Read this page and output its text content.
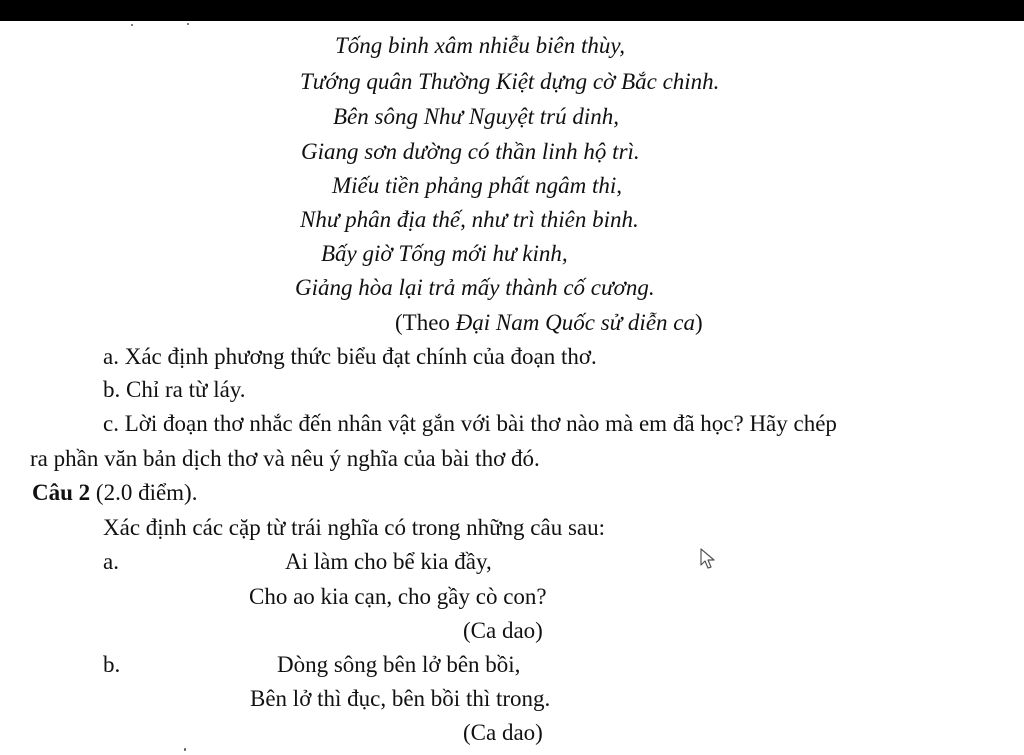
Tống binh xâm nhiễu biên thùy,
Tướng quân Thường Kiệt dựng cờ Bắc chinh.
Bên sông Như Nguyệt trú dinh,
Giang sơn dường có thần linh hộ trì.
Miếu tiền phảng phất ngâm thi,
Như phân địa thế, như trì thiên binh.
Bấy giờ Tống mới hư kinh,
Giảng hòa lại trả mấy thành cố cương.
(Theo Đại Nam Quốc sử diễn ca)
a. Xác định phương thức biểu đạt chính của đoạn thơ.
b. Chỉ ra từ láy.
c. Lời đoạn thơ nhắc đến nhân vật gắn với bài thơ nào mà em đã học? Hãy chép
ra phần văn bản dịch thơ và nêu ý nghĩa của bài thơ đó.
Câu 2 (2.0 điểm).
Xác định các cặp từ trái nghĩa có trong những câu sau:
a.	Ai làm cho bể kia đầy,
Cho ao kia cạn, cho gầy cò con?
(Ca dao)
b.	Dòng sông bên lở bên bồi,
Bên lở thì đục, bên bồi thì trong.
(Ca dao)
